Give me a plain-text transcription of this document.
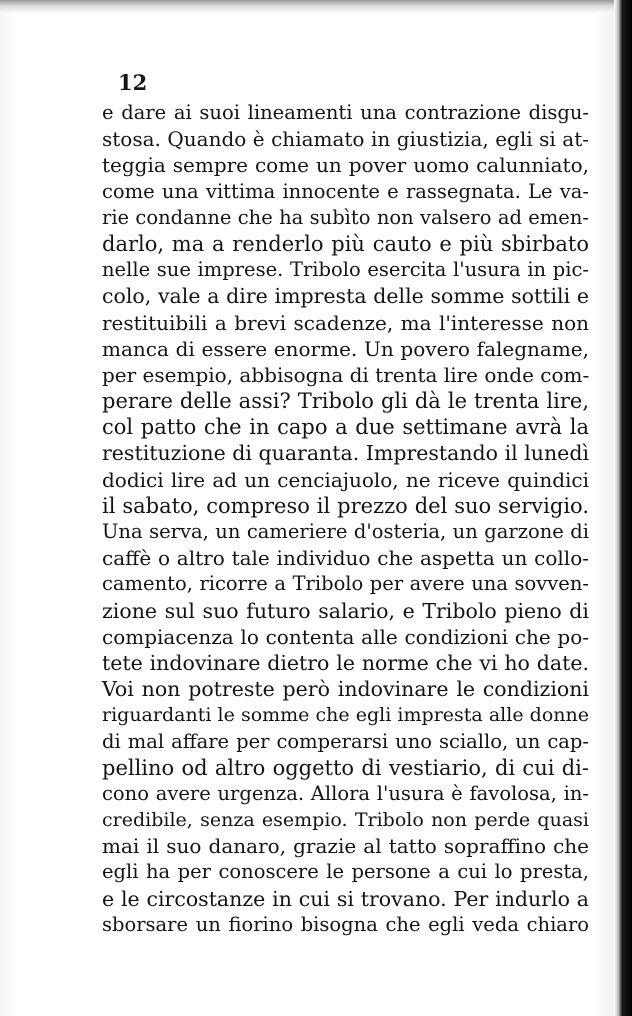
12
e dare ai suoi lineamenti una contrazione disgu-
stosa. Quando è chiamato in giustizia, egli si at-
teggia sempre come un pover uomo calunniato,
come una vittima innocente e rassegnata. Le va-
rie condanne che ha subìto non valsero ad emen-
darlo, ma a renderlo più cauto e più sbirbato
nelle sue imprese. Tribolo esercita l'usura in pic-
colo, vale a dire impresta delle somme sottili e
restituibili a brevi scadenze, ma l'interesse non
manca di essere enorme. Un povero falegname,
per esempio, abbisogna di trenta lire onde com-
perare delle assi? Tribolo gli dà le trenta lire,
col patto che in capo a due settimane avrà la
restituzione di quaranta. Imprestando il lunedì
dodici lire ad un cenciajuolo, ne riceve quindici
il sabato, compreso il prezzo del suo servigio.
Una serva, un cameriere d'osteria, un garzone di
caffè o altro tale individuo che aspetta un collo-
camento, ricorre a Tribolo per avere una sovven-
zione sul suo futuro salario, e Tribolo pieno di
compiacenza lo contenta alle condizioni che po-
tete indovinare dietro le norme che vi ho date.
Voi non potreste però indovinare le condizioni
riguardanti le somme che egli impresta alle donne
di mal affare per comperarsi uno sciallo, un cap-
pellino od altro oggetto di vestiario, di cui di-
cono avere urgenza. Allora l'usura è favolosa, in-
credibile, senza esempio. Tribolo non perde quasi
mai il suo danaro, grazie al tatto sopraffino che
egli ha per conoscere le persone a cui lo presta,
e le circostanze in cui si trovano. Per indurlo a
sborsare un fiorino bisogna che egli veda chiaro
